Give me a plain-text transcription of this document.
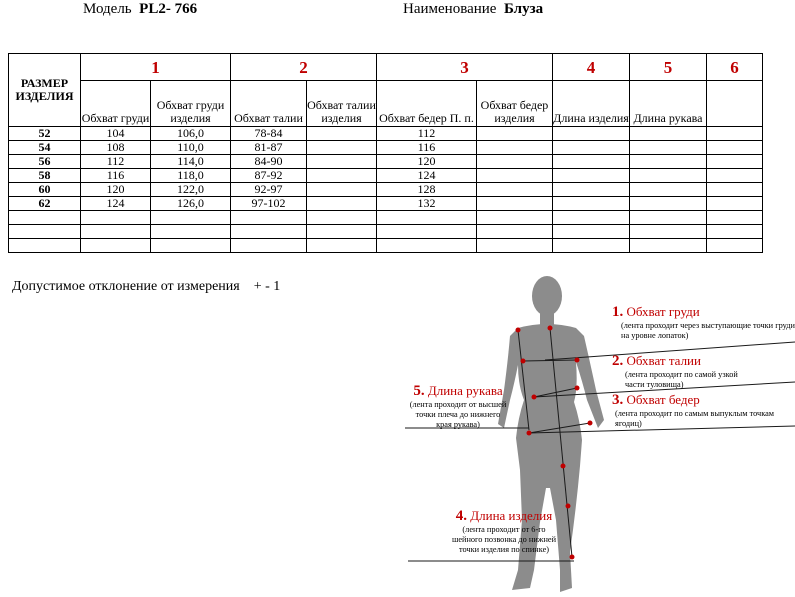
Модель PL2- 766	Наименование Блуза
РАЗМЕР ИЗДЕЛИЯ	1		2		3		4	5	6

	Обхват груди	Обхват груди изделия	Обхват талии	Обхват талии изделия	Обхват бедер П. п.	Обхват бедер изделия	Длина изделия	Длина рукава	

52	104	106,0	78-84		112				
54	108	110,0	81-87		116				
56	112	114,0	84-90		120				
58	116	118,0	87-92		124				
60	120	122,0	92-97		128				
62	124	126,0	97-102		132				

Допустимое отклонение от измерения + - 1
1. Обхват груди
(лента проходит через выступающие точки груди на уровне лопаток)
2. Обхват талии
(лента проходит по самой узкой части туловища)
3. Обхват бедер
(лента проходит по самым выпуклым точкам ягодиц)
5. Длина рукава
(лента проходит от высшей точки плеча до нижнего края рукава)
4. Длина изделия
(лента проходит от 6-го шейного позвонка до нижней точки изделия по спинке)
